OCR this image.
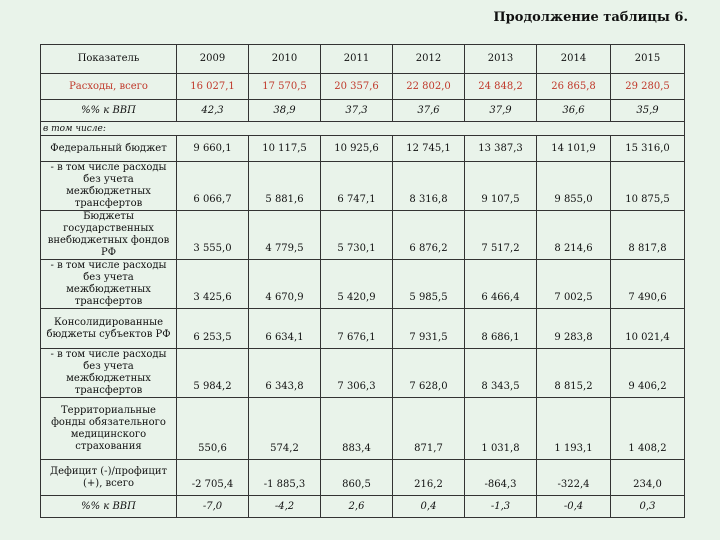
Продолжение таблицы 6.
Показатель	2009	2010	2011	2012	2013	2014	2015
Расходы, всего	16 027,1	17 570,5	20 357,6	22 802,0	24 848,2	26 865,8	29 280,5
%% к ВВП	42,3	38,9	37,3	37,6	37,9	36,6	35,9
в том числе:							
Федеральный бюджет	9 660,1	10 117,5	10 925,6	12 745,1	13 387,3	14 101,9	15 316,0
- в том числе расходы без учета межбюджетных трансфертов	6 066,7	5 881,6	6 747,1	8 316,8	9 107,5	9 855,0	10 875,5
Бюджеты государственных внебюджетных фондов РФ	3 555,0	4 779,5	5 730,1	6 876,2	7 517,2	8 214,6	8 817,8
- в том числе расходы без учета межбюджетных трансфертов	3 425,6	4 670,9	5 420,9	5 985,5	6 466,4	7 002,5	7 490,6
Консолидированные бюджеты субъектов РФ	6 253,5	6 634,1	7 676,1	7 931,5	8 686,1	9 283,8	10 021,4
- в том числе расходы без учета межбюджетных трансфертов	5 984,2	6 343,8	7 306,3	7 628,0	8 343,5	8 815,2	9 406,2
Территориальные фонды обязательного медицинского страхования	550,6	574,2	883,4	871,7	1 031,8	1 193,1	1 408,2
Дефицит (-)/профицит (+), всего	-2 705,4	-1 885,3	860,5	216,2	-864,3	-322,4	234,0
%% к ВВП	-7,0	-4,2	2,6	0,4	-1,3	-0,4	0,3
